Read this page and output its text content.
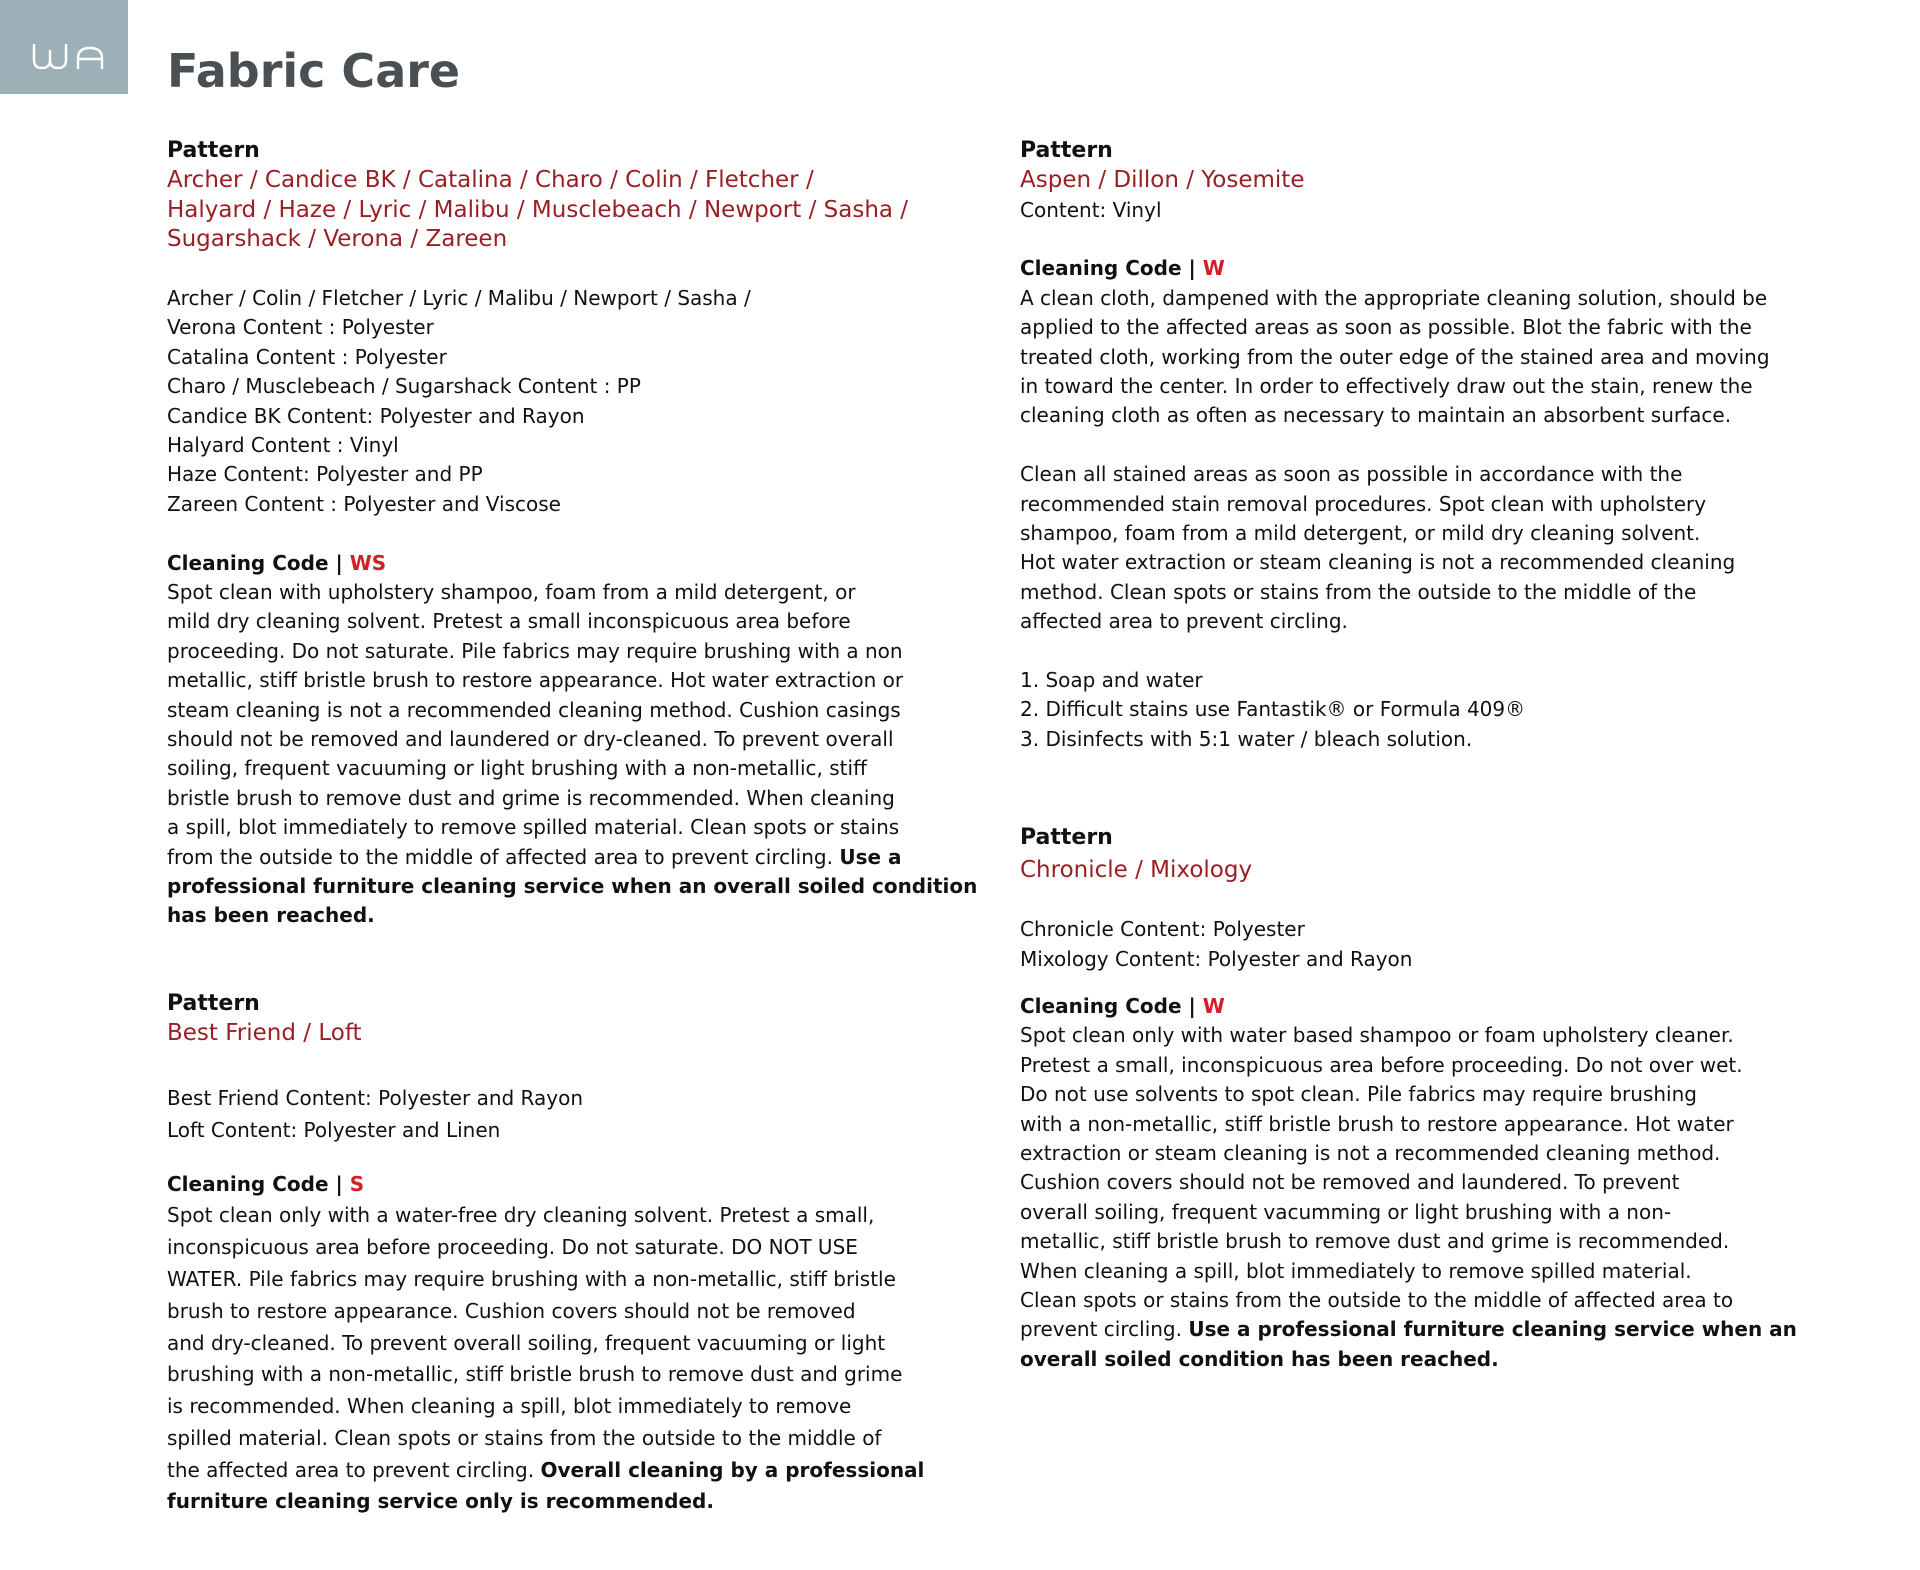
Fabric Care
Pattern
Archer / Candice BK / Catalina / Charo / Colin / Fletcher /
Halyard / Haze / Lyric / Malibu / Musclebeach / Newport / Sasha /
Sugarshack / Verona / Zareen
Archer / Colin / Fletcher / Lyric / Malibu / Newport / Sasha /
Verona Content : Polyester
Catalina Content : Polyester
Charo / Musclebeach / Sugarshack Content : PP
Candice BK Content: Polyester and Rayon
Halyard Content : Vinyl
Haze Content: Polyester and PP
Zareen Content : Polyester and Viscose
Cleaning Code | WS
Spot clean with upholstery shampoo, foam from a mild detergent, or
mild dry cleaning solvent. Pretest a small inconspicuous area before
proceeding. Do not saturate. Pile fabrics may require brushing with a non
metallic, stiff bristle brush to restore appearance. Hot water extraction or
steam cleaning is not a recommended cleaning method. Cushion casings
should not be removed and laundered or dry-cleaned. To prevent overall
soiling, frequent vacuuming or light brushing with a non-metallic, stiff
bristle brush to remove dust and grime is recommended. When cleaning
a spill, blot immediately to remove spilled material. Clean spots or stains
from the outside to the middle of affected area to prevent circling. Use a
professional furniture cleaning service when an overall soiled condition
has been reached.
Pattern
Best Friend / Loft
Best Friend Content: Polyester and Rayon
Loft Content: Polyester and Linen
Cleaning Code | S
Spot clean only with a water-free dry cleaning solvent. Pretest a small,
inconspicuous area before proceeding. Do not saturate. DO NOT USE
WATER. Pile fabrics may require brushing with a non-metallic, stiff bristle
brush to restore appearance. Cushion covers should not be removed
and dry-cleaned. To prevent overall soiling, frequent vacuuming or light
brushing with a non-metallic, stiff bristle brush to remove dust and grime
is recommended. When cleaning a spill, blot immediately to remove
spilled material. Clean spots or stains from the outside to the middle of
the affected area to prevent circling. Overall cleaning by a professional
furniture cleaning service only is recommended.
Pattern
Aspen / Dillon / Yosemite
Content: Vinyl
Cleaning Code | W
A clean cloth, dampened with the appropriate cleaning solution, should be
applied to the affected areas as soon as possible. Blot the fabric with the
treated cloth, working from the outer edge of the stained area and moving
in toward the center. In order to effectively draw out the stain, renew the
cleaning cloth as often as necessary to maintain an absorbent surface.
Clean all stained areas as soon as possible in accordance with the
recommended stain removal procedures. Spot clean with upholstery
shampoo, foam from a mild detergent, or mild dry cleaning solvent.
Hot water extraction or steam cleaning is not a recommended cleaning
method. Clean spots or stains from the outside to the middle of the
affected area to prevent circling.
1. Soap and water
2. Difficult stains use Fantastik® or Formula 409®
3. Disinfects with 5:1 water / bleach solution.
Pattern
Chronicle / Mixology
Chronicle Content: Polyester
Mixology Content: Polyester and Rayon
Cleaning Code | W
Spot clean only with water based shampoo or foam upholstery cleaner.
Pretest a small, inconspicuous area before proceeding. Do not over wet.
Do not use solvents to spot clean. Pile fabrics may require brushing
with a non-metallic, stiff bristle brush to restore appearance. Hot water
extraction or steam cleaning is not a recommended cleaning method.
Cushion covers should not be removed and laundered. To prevent
overall soiling, frequent vacumming or light brushing with a non-
metallic, stiff bristle brush to remove dust and grime is recommended.
When cleaning a spill, blot immediately to remove spilled material.
Clean spots or stains from the outside to the middle of affected area to
prevent circling. Use a professional furniture cleaning service when an
overall soiled condition has been reached.
